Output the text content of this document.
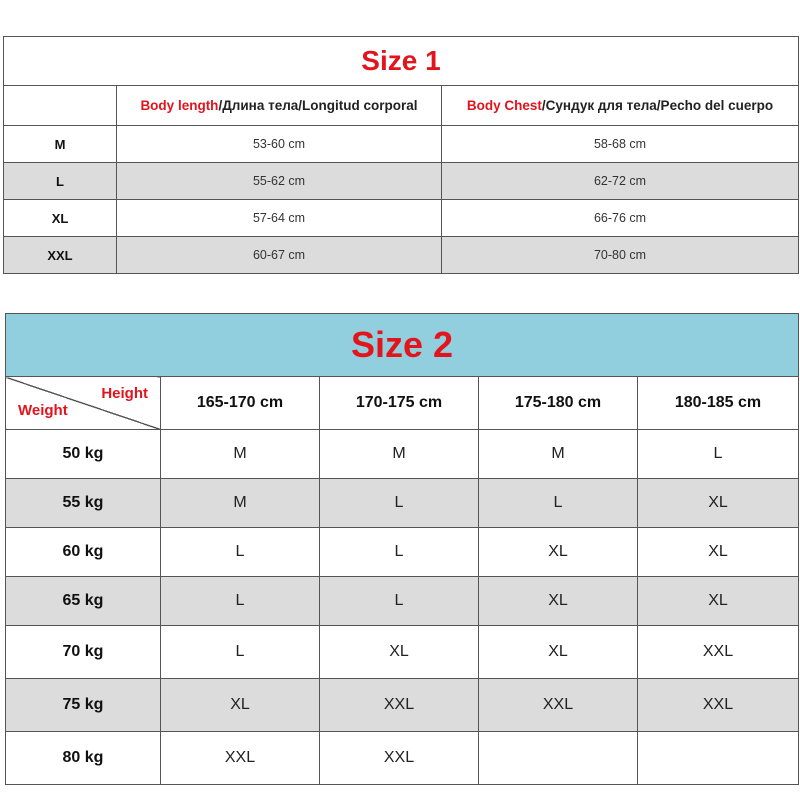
Size 1		
	Body length/Длина тела/Longitud corporal	Body Chest/Сундук для тела/Pecho del cuerpo
M	53-60 cm	58-68 cm
L	55-62 cm	62-72 cm
XL	57-64 cm	66-76 cm
XXL	60-67 cm	70-80 cm
Size 2				

Height
Weight	165-170 cm	170-175 cm	175-180 cm	180-185 cm
50 kg	M	M	M	L
55 kg	M	L	L	XL
60 kg	L	L	XL	XL
65 kg	L	L	XL	XL
70 kg	L	XL	XL	XXL
75 kg	XL	XXL	XXL	XXL
80 kg	XXL	XXL		
